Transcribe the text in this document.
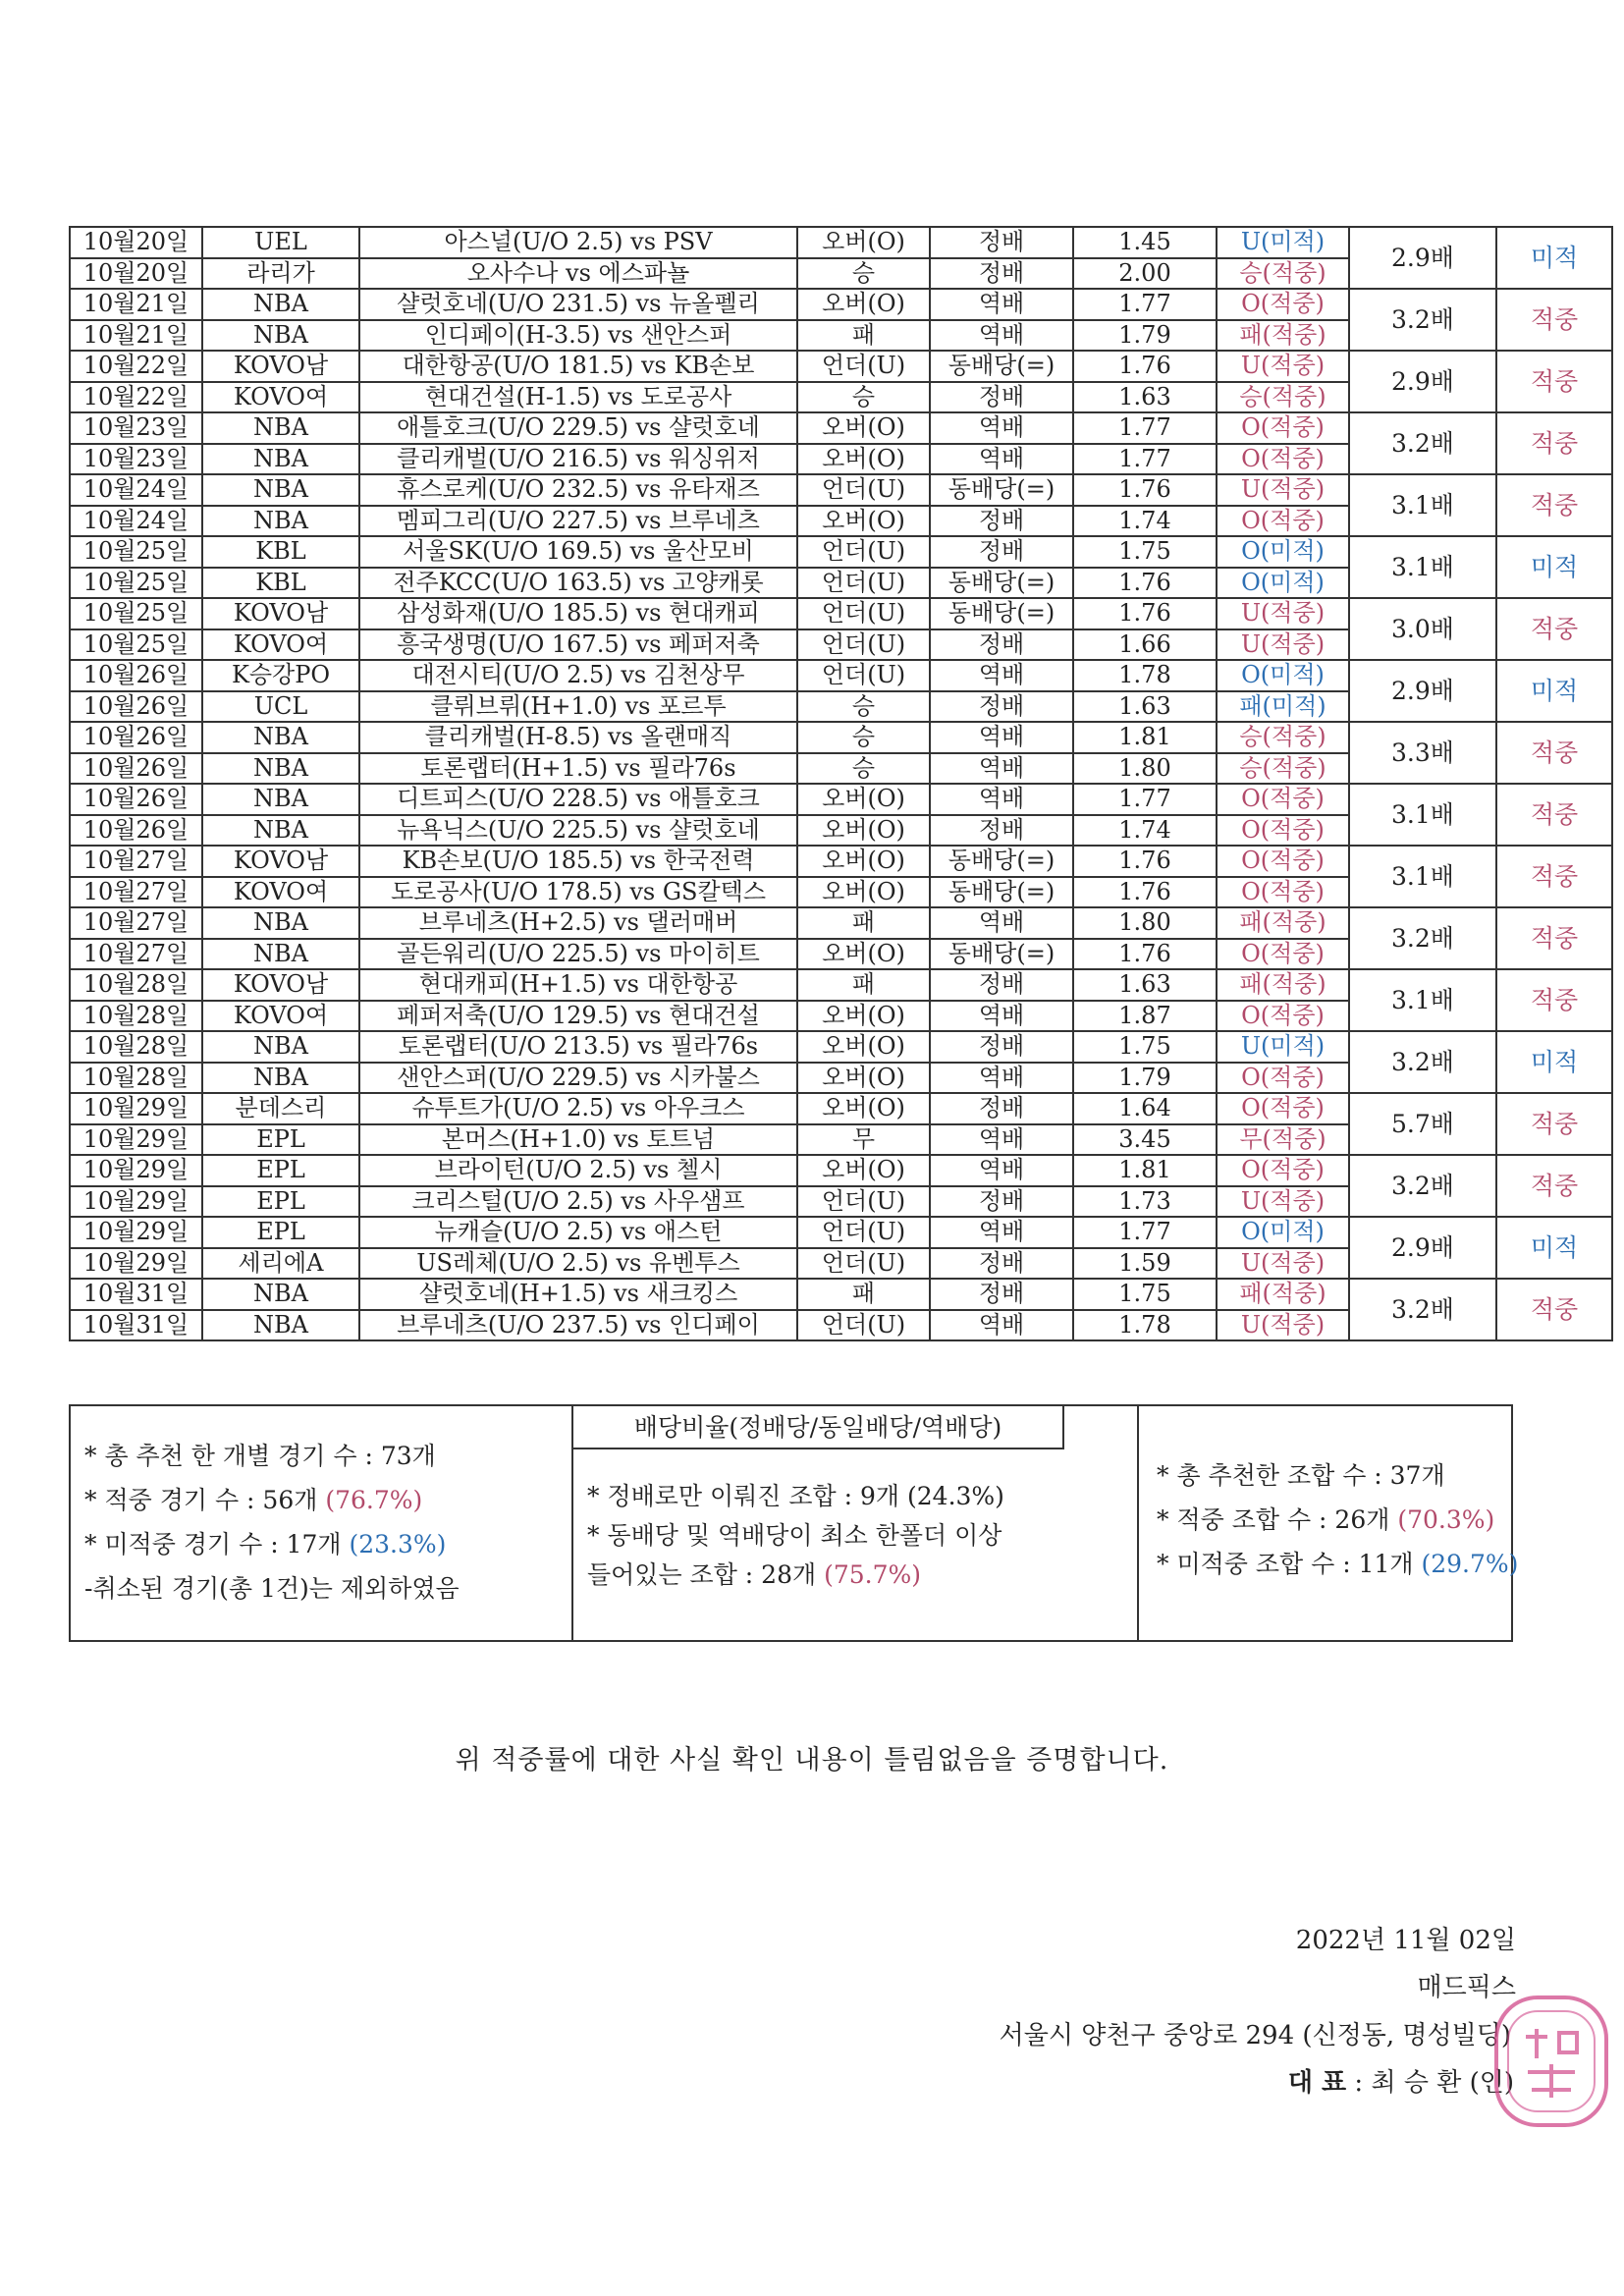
10월20일	UEL	아스널(U/O 2.5) vs PSV	오버(O)	정배	1.45	U(미적)	2.9배	미적
10월20일	라리가	오사수나 vs 에스파뇰	승	정배	2.00	승(적중)		
10월21일	NBA	샬럿호네(U/O 231.5) vs 뉴올펠리	오버(O)	역배	1.77	O(적중)	3.2배	적중
10월21일	NBA	인디페이(H-3.5) vs 샌안스퍼	패	역배	1.79	패(적중)		
10월22일	KOVO남	대한항공(U/O 181.5) vs KB손보	언더(U)	동배당(=)	1.76	U(적중)	2.9배	적중
10월22일	KOVO여	현대건설(H-1.5) vs 도로공사	승	정배	1.63	승(적중)		
10월23일	NBA	애틀호크(U/O 229.5) vs 샬럿호네	오버(O)	역배	1.77	O(적중)	3.2배	적중
10월23일	NBA	클리캐벌(U/O 216.5) vs 워싱위저	오버(O)	역배	1.77	O(적중)		
10월24일	NBA	휴스로케(U/O 232.5) vs 유타재즈	언더(U)	동배당(=)	1.76	U(적중)	3.1배	적중
10월24일	NBA	멤피그리(U/O 227.5) vs 브루네츠	오버(O)	정배	1.74	O(적중)		
10월25일	KBL	서울SK(U/O 169.5) vs 울산모비	언더(U)	정배	1.75	O(미적)	3.1배	미적
10월25일	KBL	전주KCC(U/O 163.5) vs 고양캐롯	언더(U)	동배당(=)	1.76	O(미적)		
10월25일	KOVO남	삼성화재(U/O 185.5) vs 현대캐피	언더(U)	동배당(=)	1.76	U(적중)	3.0배	적중
10월25일	KOVO여	흥국생명(U/O 167.5) vs 페퍼저축	언더(U)	정배	1.66	U(적중)		
10월26일	K승강PO	대전시티(U/O 2.5) vs 김천상무	언더(U)	역배	1.78	O(미적)	2.9배	미적
10월26일	UCL	클뤼브뤼(H+1.0) vs 포르투	승	정배	1.63	패(미적)		
10월26일	NBA	클리캐벌(H-8.5) vs 올랜매직	승	역배	1.81	승(적중)	3.3배	적중
10월26일	NBA	토론랩터(H+1.5) vs 필라76s	승	역배	1.80	승(적중)		
10월26일	NBA	디트피스(U/O 228.5) vs 애틀호크	오버(O)	역배	1.77	O(적중)	3.1배	적중
10월26일	NBA	뉴욕닉스(U/O 225.5) vs 샬럿호네	오버(O)	정배	1.74	O(적중)		
10월27일	KOVO남	KB손보(U/O 185.5) vs 한국전력	오버(O)	동배당(=)	1.76	O(적중)	3.1배	적중
10월27일	KOVO여	도로공사(U/O 178.5) vs GS칼텍스	오버(O)	동배당(=)	1.76	O(적중)		
10월27일	NBA	브루네츠(H+2.5) vs 댈러매버	패	역배	1.80	패(적중)	3.2배	적중
10월27일	NBA	골든워리(U/O 225.5) vs 마이히트	오버(O)	동배당(=)	1.76	O(적중)		
10월28일	KOVO남	현대캐피(H+1.5) vs 대한항공	패	정배	1.63	패(적중)	3.1배	적중
10월28일	KOVO여	페퍼저축(U/O 129.5) vs 현대건설	오버(O)	역배	1.87	O(적중)		
10월28일	NBA	토론랩터(U/O 213.5) vs 필라76s	오버(O)	정배	1.75	U(미적)	3.2배	미적
10월28일	NBA	샌안스퍼(U/O 229.5) vs 시카불스	오버(O)	역배	1.79	O(적중)		
10월29일	분데스리	슈투트가(U/O 2.5) vs 아우크스	오버(O)	정배	1.64	O(적중)	5.7배	적중
10월29일	EPL	본머스(H+1.0) vs 토트넘	무	역배	3.45	무(적중)		
10월29일	EPL	브라이턴(U/O 2.5) vs 첼시	오버(O)	역배	1.81	O(적중)	3.2배	적중
10월29일	EPL	크리스털(U/O 2.5) vs 사우샘프	언더(U)	정배	1.73	U(적중)		
10월29일	EPL	뉴캐슬(U/O 2.5) vs 애스턴	언더(U)	역배	1.77	O(미적)	2.9배	미적
10월29일	세리에A	US레체(U/O 2.5) vs 유벤투스	언더(U)	정배	1.59	U(적중)		
10월31일	NBA	샬럿호네(H+1.5) vs 새크킹스	패	정배	1.75	패(적중)	3.2배	적중
10월31일	NBA	브루네츠(U/O 237.5) vs 인디페이	언더(U)	역배	1.78	U(적중)		
* 총 추천 한 개별 경기 수 : 73개
* 적중 경기 수 : 56개 (76.7%)
* 미적중 경기 수 : 17개 (23.3%)
-취소된 경기(총 1건)는 제외하였음
배당비율(정배당/동일배당/역배당)
* 정배로만 이뤄진 조합 : 9개 (24.3%)
* 동배당 및 역배당이 최소 한폴더 이상
들어있는 조합 : 28개 (75.7%)
* 총 추천한 조합 수 : 37개
* 적중 조합 수 : 26개 (70.3%)
* 미적중 조합 수 : 11개 (29.7%)
위 적중률에 대한 사실 확인 내용이 틀림없음을 증명합니다.
2022년 11월 02일
매드픽스
서울시 양천구 중앙로 294 (신정동, 명성빌딩)
대 표 : 최 승 환 (인)
